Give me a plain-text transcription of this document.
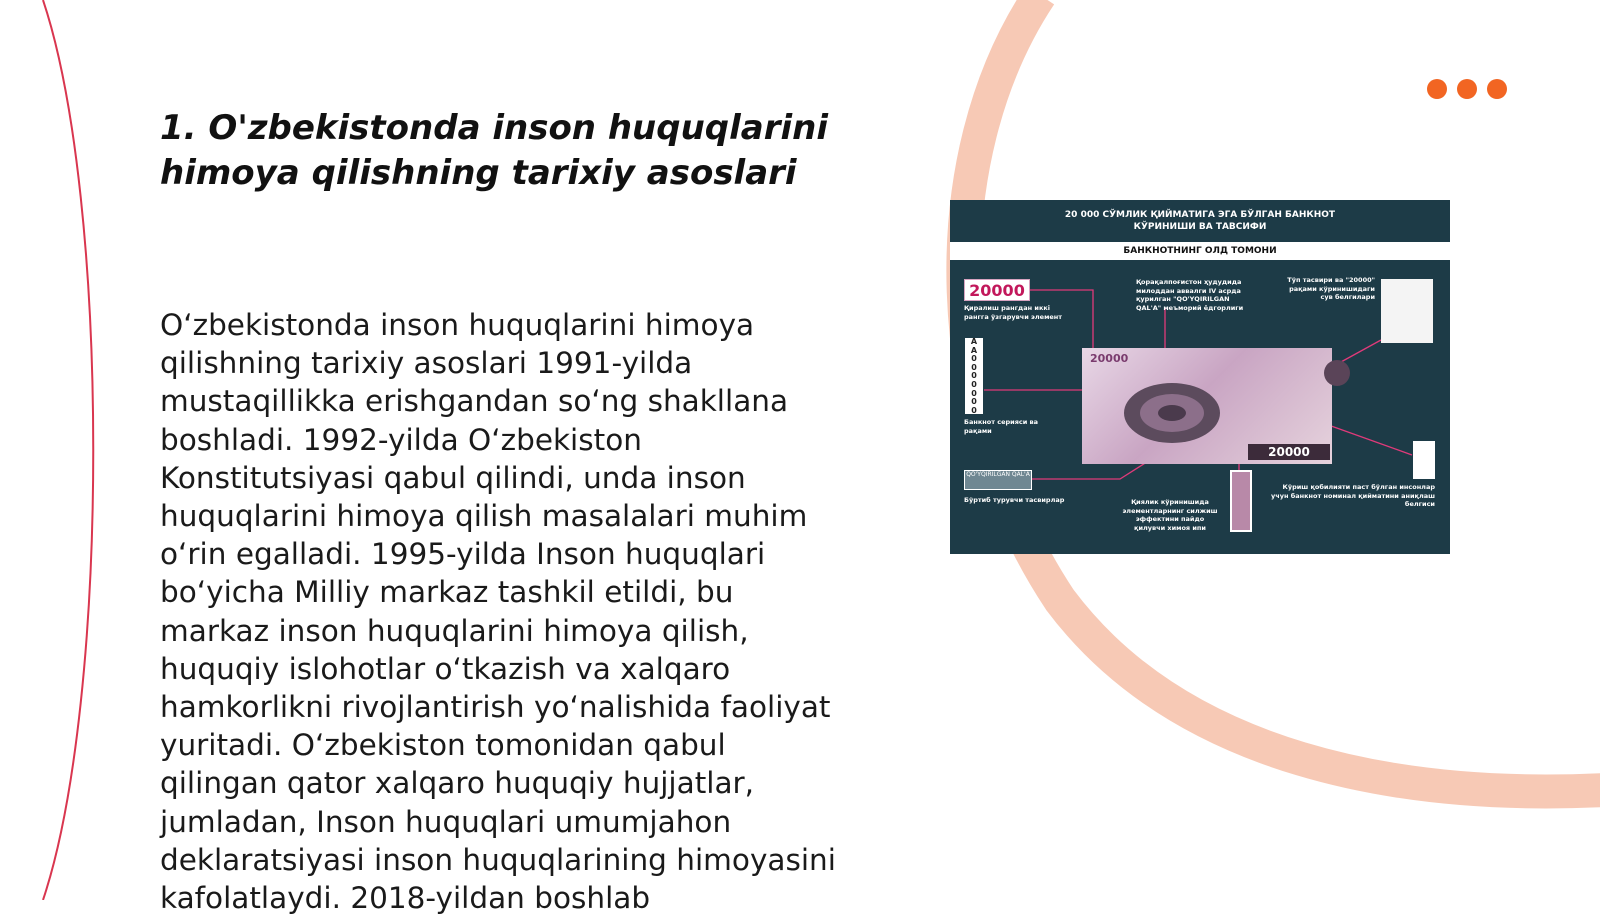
1. O'zbekistonda inson huquqlarini himoya qilishning tarixiy asoslari

O‘zbekistonda inson huquqlarini himoya qilishning tarixiy asoslari 1991-yilda mustaqillikka erishgandan so‘ng shakllana boshladi. 1992-yilda O‘zbekiston Konstitutsiyasi qabul qilindi, unda inson huquqlarini himoya qilish masalalari muhim o‘rin egalladi. 1995-yilda Inson huquqlari bo‘yicha Milliy markaz tashkil etildi, bu markaz inson huquqlarini himoya qilish, huquqiy islohotlar o‘tkazish va xalqaro hamkorlikni rivojlantirish yo‘nalishida faoliyat yuritadi. O‘zbekiston tomonidan qabul qilingan qator xalqaro huquqiy hujjatlar, jumladan, Inson huquqlari umumjahon deklaratsiyasi inson huquqlarining himoyasini kafolatlaydi. 2018-yildan boshlab

20 000 СЎМЛИК ҚИЙМАТИГА ЭГА БЎЛГАН БАНКНОТ
КЎРИНИШИ ВА ТАВСИФИ
БАНКНОТНИНГ ОЛД ТОМОНИ
20000
Қиралиш рангдан иккі рангга ўзгарувчи элемент
Қорақалпоғистон ҳудудида милоддан аввалги IV асрда қурилган "QO'YQIRILGAN QAL'A" меъморий ёдгорлиги
Тўп тасвири ва "20000" рақами кўринишидаги сув белгилари
A
A
0
0
0
0
0
0
0
Банкнот серияси ва рақами
20000
20000
QO'YQIRILGAN QAL'A
Бўртиб турувчи тасвирлар	Қиялик кўринишида элементларнинг силжиш эффектини пайдо қилувчи химоя ипи
Кўриш қобилияти паст бўлган инсонлар учун банкнот номинал қийматини аниқлаш белгиси
